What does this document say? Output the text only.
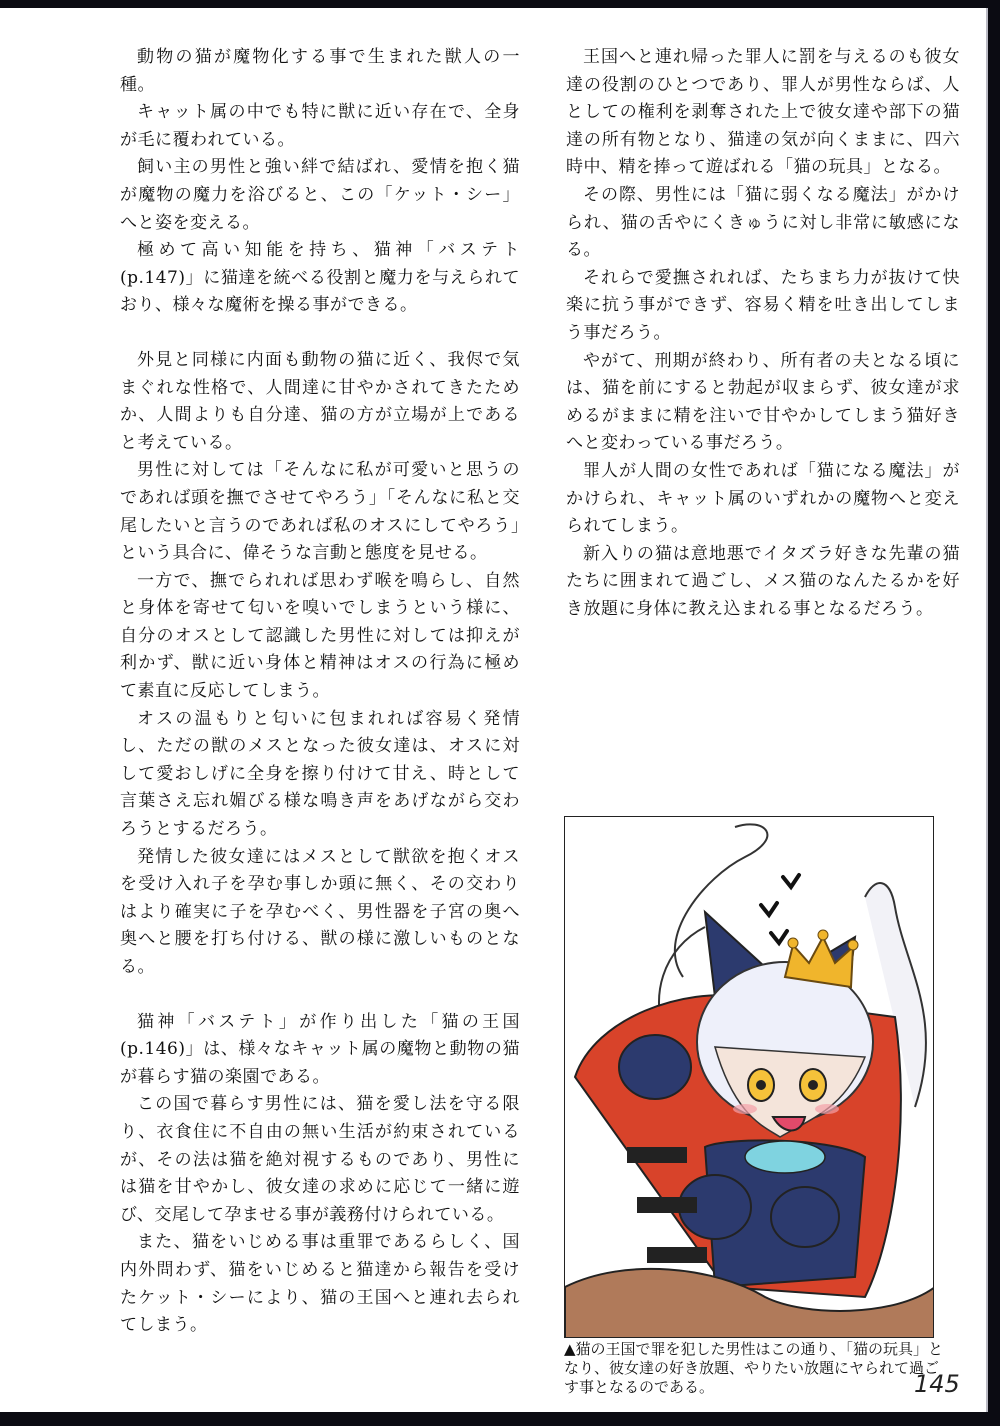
動物の猫が魔物化する事で生まれた獣人の一種。

キャット属の中でも特に獣に近い存在で、全身が毛に覆われている。

飼い主の男性と強い絆で結ばれ、愛情を抱く猫が魔物の魔力を浴びると、この「ケット・シー」へと姿を変える。

極めて高い知能を持ち、猫神「バステト(p.147)」に猫達を統べる役割と魔力を与えられており、様々な魔術を操る事ができる。

外見と同様に内面も動物の猫に近く、我侭で気まぐれな性格で、人間達に甘やかされてきたためか、人間よりも自分達、猫の方が立場が上であると考えている。

男性に対しては「そんなに私が可愛いと思うのであれば頭を撫でさせてやろう」「そんなに私と交尾したいと言うのであれば私のオスにしてやろう」という具合に、偉そうな言動と態度を見せる。

一方で、撫でられれば思わず喉を鳴らし、自然と身体を寄せて匂いを嗅いでしまうという様に、自分のオスとして認識した男性に対しては抑えが利かず、獣に近い身体と精神はオスの行為に極めて素直に反応してしまう。

オスの温もりと匂いに包まれれば容易く発情し、ただの獣のメスとなった彼女達は、オスに対して愛おしげに全身を擦り付けて甘え、時として言葉さえ忘れ媚びる様な鳴き声をあげながら交わろうとするだろう。

発情した彼女達にはメスとして獣欲を抱くオスを受け入れ子を孕む事しか頭に無く、その交わりはより確実に子を孕むべく、男性器を子宮の奥へ奥へと腰を打ち付ける、獣の様に激しいものとなる。

猫神「バステト」が作り出した「猫の王国(p.146)」は、様々なキャット属の魔物と動物の猫が暮らす猫の楽園である。

この国で暮らす男性には、猫を愛し法を守る限り、衣食住に不自由の無い生活が約束されているが、その法は猫を絶対視するものであり、男性には猫を甘やかし、彼女達の求めに応じて一緒に遊び、交尾して孕ませる事が義務付けられている。

また、猫をいじめる事は重罪であるらしく、国内外問わず、猫をいじめると猫達から報告を受けたケット・シーにより、猫の王国へと連れ去られてしまう。

王国へと連れ帰った罪人に罰を与えるのも彼女達の役割のひとつであり、罪人が男性ならば、人としての権利を剥奪された上で彼女達や部下の猫達の所有物となり、猫達の気が向くままに、四六時中、精を捧って遊ばれる「猫の玩具」となる。

その際、男性には「猫に弱くなる魔法」がかけられ、猫の舌やにくきゅうに対し非常に敏感になる。

それらで愛撫されれば、たちまち力が抜けて快楽に抗う事ができず、容易く精を吐き出してしまう事だろう。

やがて、刑期が終わり、所有者の夫となる頃には、猫を前にすると勃起が収まらず、彼女達が求めるがままに精を注いで甘やかしてしまう猫好きへと変わっている事だろう。

罪人が人間の女性であれば「猫になる魔法」がかけられ、キャット属のいずれかの魔物へと変えられてしまう。

新入りの猫は意地悪でイタズラ好きな先輩の猫たちに囲まれて過ごし、メス猫のなんたるかを好き放題に身体に教え込まれる事となるだろう。

▲猫の王国で罪を犯した男性はこの通り、「猫の玩具」となり、彼女達の好き放題、やりたい放題にヤられて過ごす事となるのである。	145
